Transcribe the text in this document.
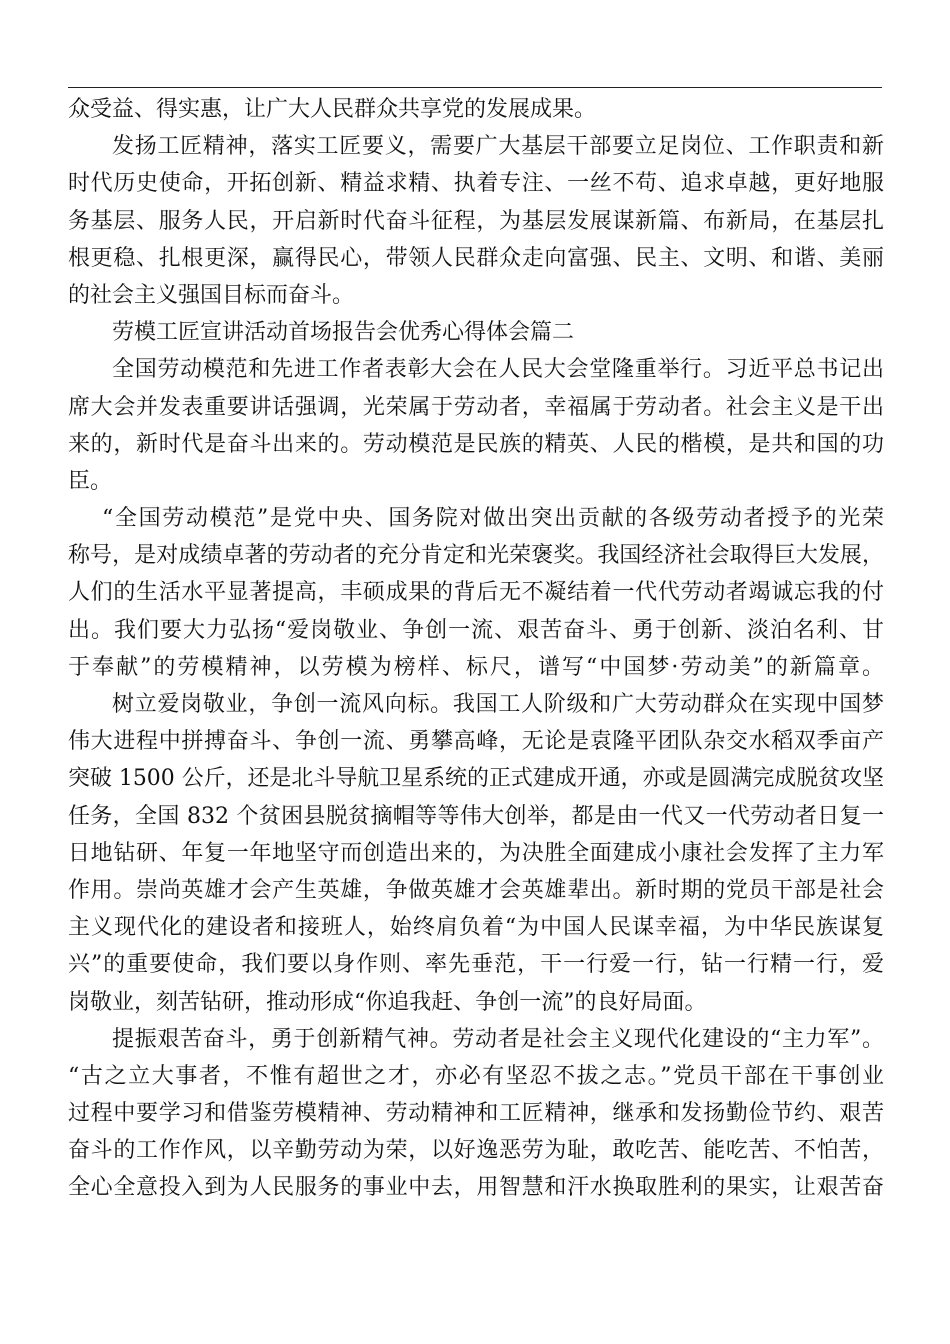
众受益、得实惠，让广大人民群众共享党的发展成果。
发扬工匠精神，落实工匠要义，需要广大基层干部要立足岗位、工作职责和新
时代历史使命，开拓创新、精益求精、执着专注、一丝不苟、追求卓越，更好地服
务基层、服务人民，开启新时代奋斗征程，为基层发展谋新篇、布新局，在基层扎
根更稳、扎根更深，赢得民心，带领人民群众走向富强、民主、文明、和谐、美丽
的社会主义强国目标而奋斗。
劳模工匠宣讲活动首场报告会优秀心得体会篇二
全国劳动模范和先进工作者表彰大会在人民大会堂隆重举行。习近平总书记出
席大会并发表重要讲话强调，光荣属于劳动者，幸福属于劳动者。社会主义是干出
来的，新时代是奋斗出来的。劳动模范是民族的精英、人民的楷模，是共和国的功
臣。
“全国劳动模范”是党中央、国务院对做出突出贡献的各级劳动者授予的光荣
称号，是对成绩卓著的劳动者的充分肯定和光荣褒奖。我国经济社会取得巨大发展，
人们的生活水平显著提高，丰硕成果的背后无不凝结着一代代劳动者竭诚忘我的付
出。我们要大力弘扬“爱岗敬业、争创一流、艰苦奋斗、勇于创新、淡泊名利、甘
于奉献”的劳模精神，以劳模为榜样、标尺，谱写“中国梦·劳动美”的新篇章。
树立爱岗敬业，争创一流风向标。我国工人阶级和广大劳动群众在实现中国梦
伟大进程中拼搏奋斗、争创一流、勇攀高峰，无论是袁隆平团队杂交水稻双季亩产
突破 1500 公斤，还是北斗导航卫星系统的正式建成开通，亦或是圆满完成脱贫攻坚
任务，全国 832 个贫困县脱贫摘帽等等伟大创举，都是由一代又一代劳动者日复一
日地钻研、年复一年地坚守而创造出来的，为决胜全面建成小康社会发挥了主力军
作用。崇尚英雄才会产生英雄，争做英雄才会英雄辈出。新时期的党员干部是社会
主义现代化的建设者和接班人，始终肩负着“为中国人民谋幸福，为中华民族谋复
兴”的重要使命，我们要以身作则、率先垂范，干一行爱一行，钻一行精一行，爱
岗敬业，刻苦钻研，推动形成“你追我赶、争创一流”的良好局面。
提振艰苦奋斗，勇于创新精气神。劳动者是社会主义现代化建设的“主力军”。
“古之立大事者，不惟有超世之才，亦必有坚忍不拔之志。”党员干部在干事创业
过程中要学习和借鉴劳模精神、劳动精神和工匠精神，继承和发扬勤俭节约、艰苦
奋斗的工作作风，以辛勤劳动为荣，以好逸恶劳为耻，敢吃苦、能吃苦、不怕苦，
全心全意投入到为人民服务的事业中去，用智慧和汗水换取胜利的果实，让艰苦奋
